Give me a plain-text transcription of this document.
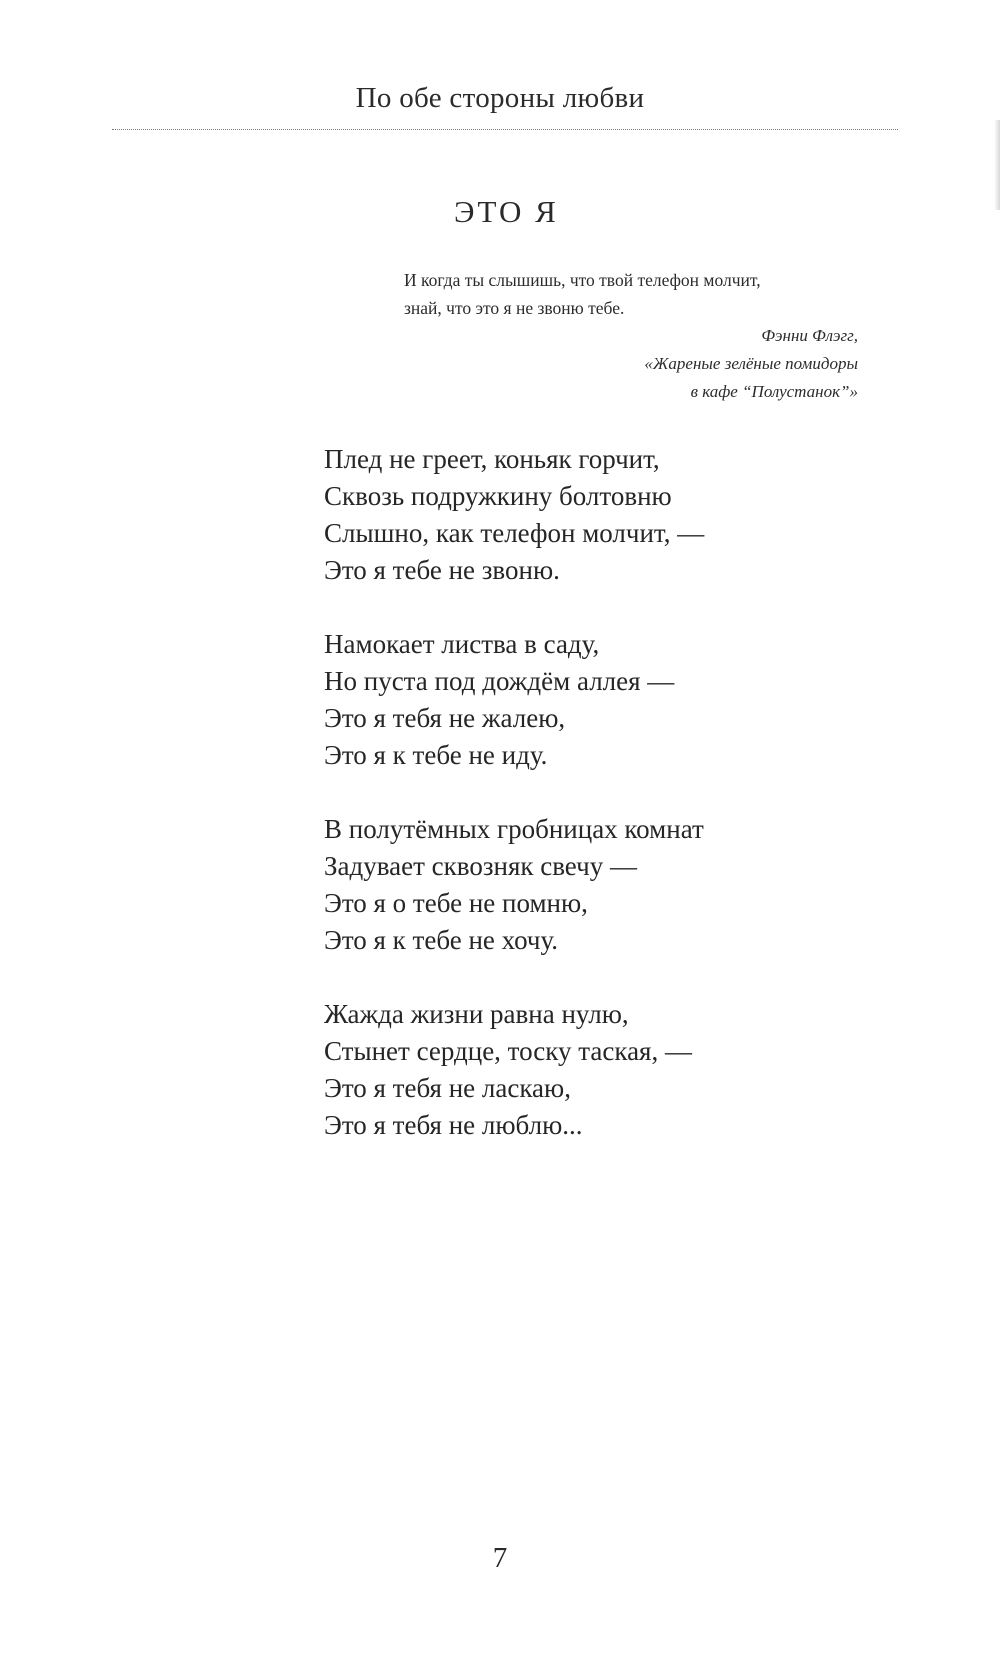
По обе стороны любви
ЭТО Я
И когда ты слышишь, что твой телефон молчит,
знай, что это я не звоню тебе.
Фэнни Флэгг,
«Жареные зелёные помидоры
в кафе “Полустанок”»
Плед не греет, коньяк горчит,
Сквозь подружкину болтовню
Слышно, как телефон молчит, —
Это я тебе не звоню.
Намокает листва в саду,
Но пуста под дождём аллея —
Это я тебя не жалею,
Это я к тебе не иду.
В полутёмных гробницах комнат
Задувает сквозняк свечу —
Это я о тебе не помню,
Это я к тебе не хочу.
Жажда жизни равна нулю,
Стынет сердце, тоску таская, —
Это я тебя не ласкаю,
Это я тебя не люблю...
7
